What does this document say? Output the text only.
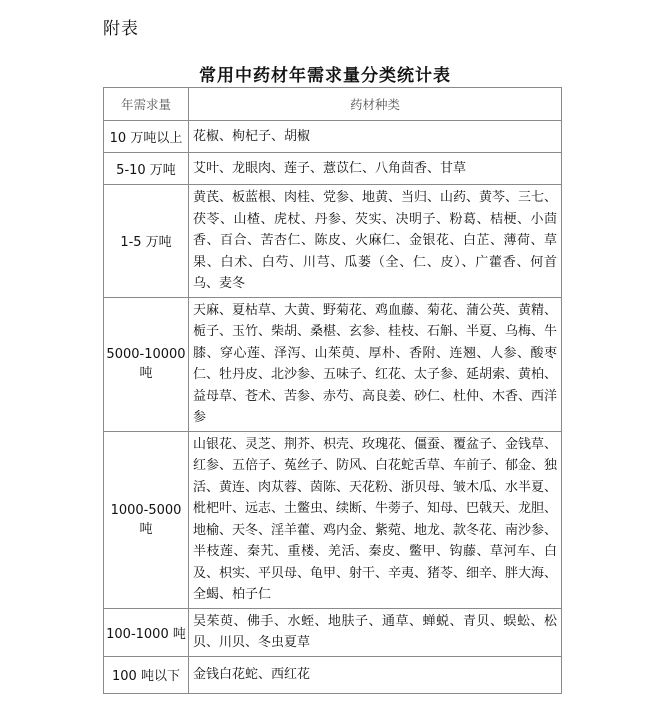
附表
常用中药材年需求量分类统计表
年需求量	药材种类
10 万吨以上	花椒、枸杞子、胡椒
5-10 万吨	艾叶、龙眼肉、莲子、薏苡仁、八角茴香、甘草
1-5 万吨	黄芪、板蓝根、肉桂、党参、地黄、当归、山药、黄芩、三七、茯苓、山楂、虎杖、丹参、芡实、决明子、粉葛、桔梗、小茴香、百合、苦杏仁、陈皮、火麻仁、金银花、白芷、薄荷、草果、白术、白芍、川芎、瓜蒌（全、仁、皮）、广藿香、何首乌、麦冬
5000-10000 吨	天麻、夏枯草、大黄、野菊花、鸡血藤、菊花、蒲公英、黄精、栀子、玉竹、柴胡、桑椹、玄参、桂枝、石斛、半夏、乌梅、牛膝、穿心莲、泽泻、山茱萸、厚朴、香附、连翘、人参、酸枣仁、牡丹皮、北沙参、五味子、红花、太子参、延胡索、黄柏、益母草、苍术、苦参、赤芍、高良姜、砂仁、杜仲、木香、西洋参
1000-5000 吨	山银花、灵芝、荆芥、枳壳、玫瑰花、僵蚕、覆盆子、金钱草、红参、五倍子、菟丝子、防风、白花蛇舌草、车前子、郁金、独活、黄连、肉苁蓉、茵陈、天花粉、浙贝母、皱木瓜、水半夏、枇杷叶、远志、土鳖虫、续断、牛蒡子、知母、巴戟天、龙胆、地榆、天冬、淫羊藿、鸡内金、紫菀、地龙、款冬花、南沙参、半枝莲、秦艽、重楼、羌活、秦皮、鳖甲、钩藤、草河车、白及、枳实、平贝母、龟甲、射干、辛夷、猪苓、细辛、胖大海、全蝎、柏子仁
100-1000 吨	吴茱萸、佛手、水蛭、地肤子、通草、蝉蜕、青贝、蜈蚣、松贝、川贝、冬虫夏草
100 吨以下	金钱白花蛇、西红花
